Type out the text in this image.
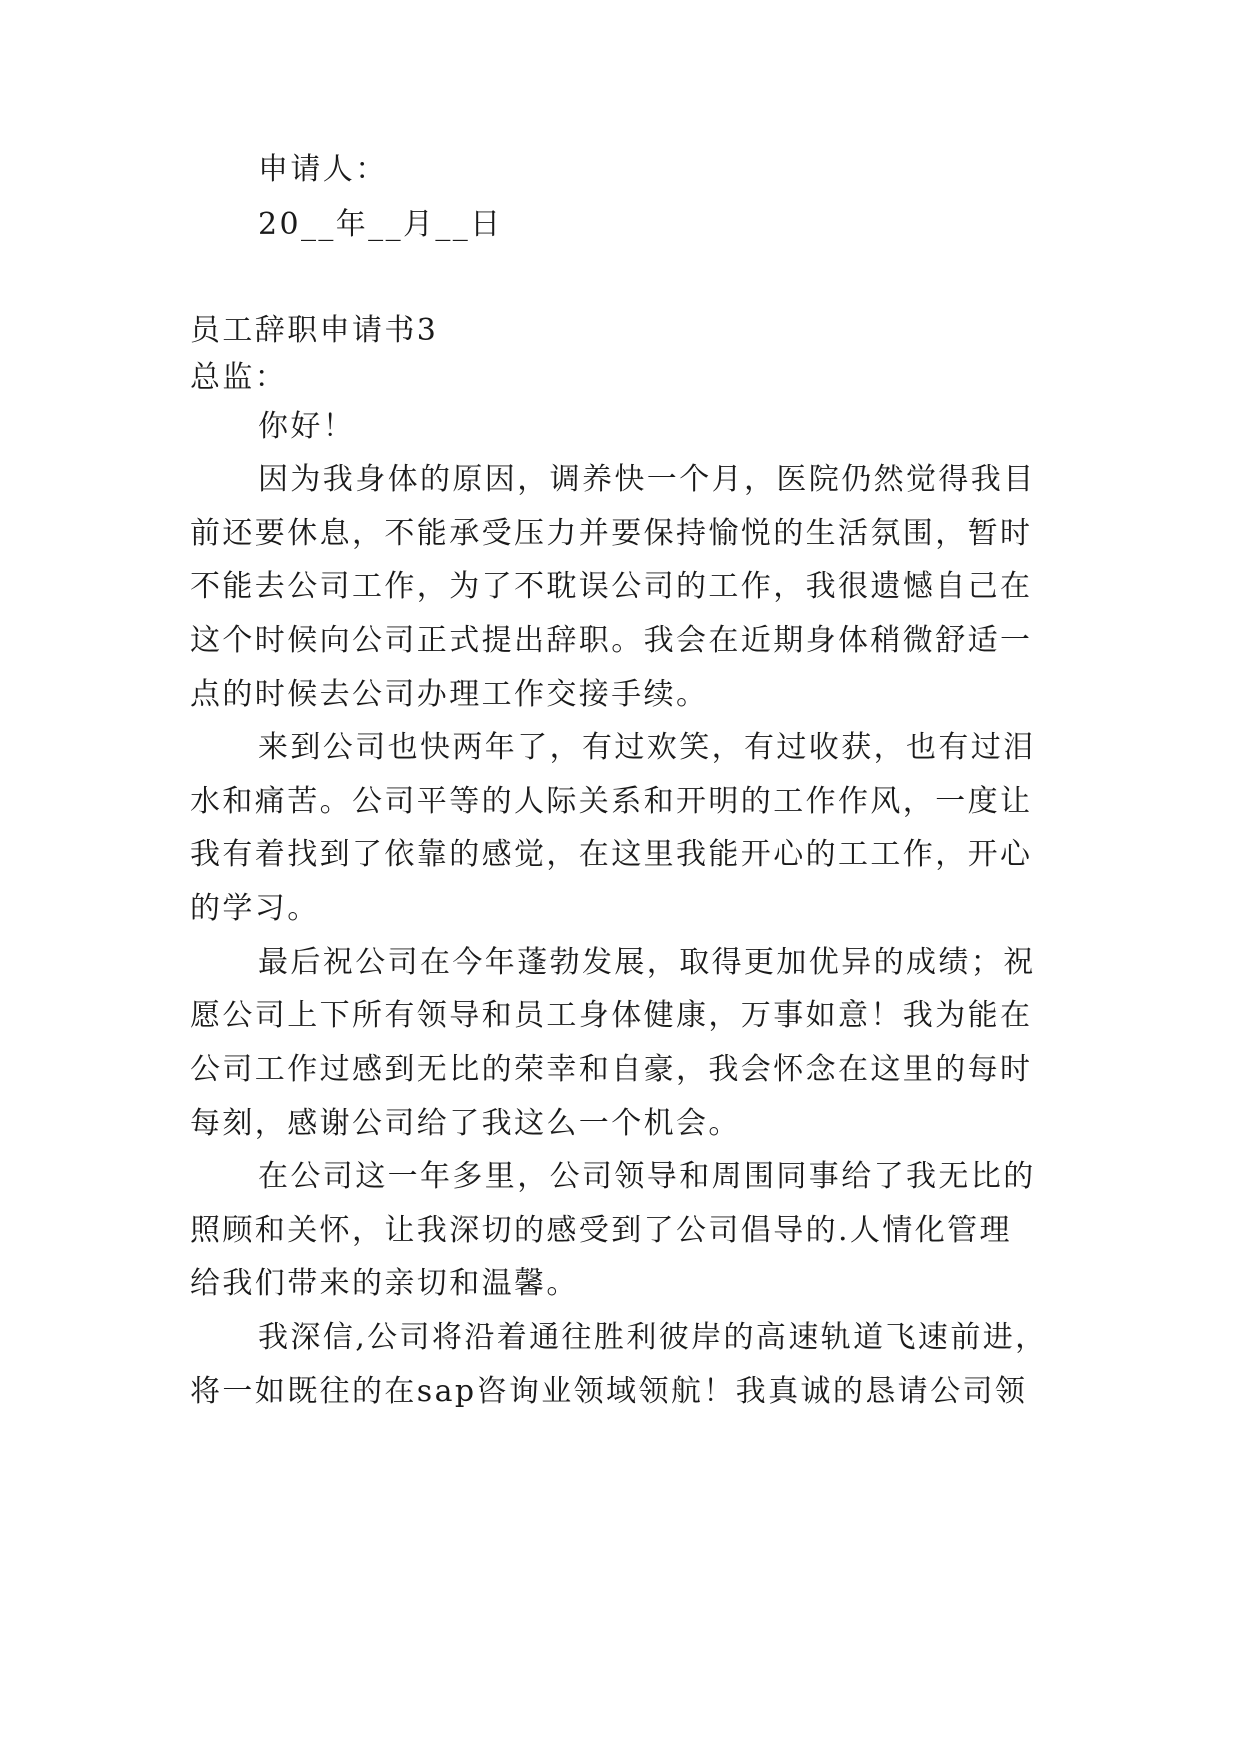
申请人：
20__年__月__日
员工辞职申请书3
总监：
你好！
因为我身体的原因，调养快一个月，医院仍然觉得我目
前还要休息，不能承受压力并要保持愉悦的生活氛围，暂时
不能去公司工作，为了不耽误公司的工作，我很遗憾自己在
这个时候向公司正式提出辞职。我会在近期身体稍微舒适一
点的时候去公司办理工作交接手续。
来到公司也快两年了，有过欢笑，有过收获，也有过泪
水和痛苦。公司平等的人际关系和开明的工作作风，一度让
我有着找到了依靠的感觉，在这里我能开心的工工作，开心
的学习。
最后祝公司在今年蓬勃发展，取得更加优异的成绩；祝
愿公司上下所有领导和员工身体健康，万事如意！我为能在
公司工作过感到无比的荣幸和自豪，我会怀念在这里的每时
每刻，感谢公司给了我这么一个机会。
在公司这一年多里，公司领导和周围同事给了我无比的
照顾和关怀，让我深切的感受到了公司倡导的.人情化管理
给我们带来的亲切和温馨。
我深信,公司将沿着通往胜利彼岸的高速轨道飞速前进，
将一如既往的在sap咨询业领域领航！我真诚的恳请公司领
